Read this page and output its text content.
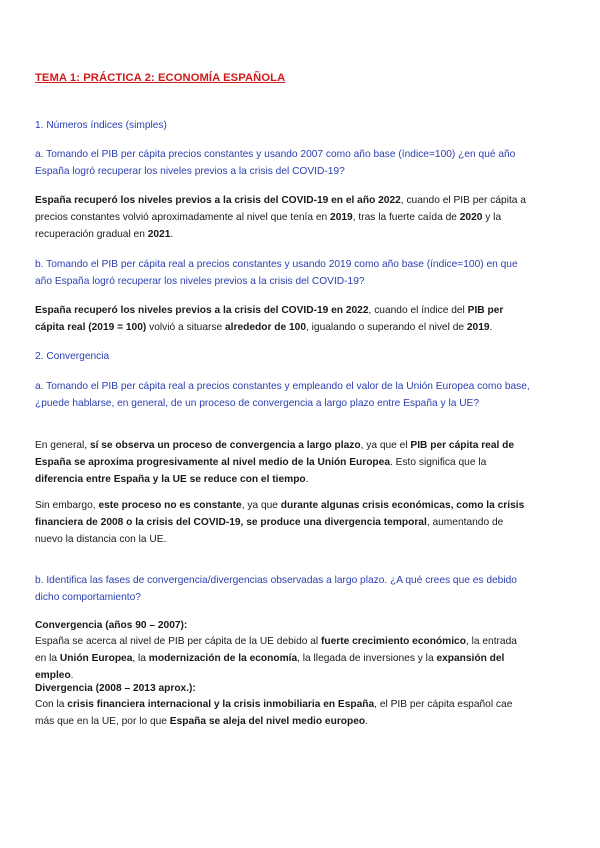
TEMA 1: PRÁCTICA 2: ECONOMÍA ESPAÑOLA

1. Números índices (simples)

a. Tomando el PIB per cápita precios constantes y usando 2007 como año base (índice=100) ¿en qué año España logró recuperar los niveles previos a la crisis del COVID-19?

España recuperó los niveles previos a la crisis del COVID-19 en el año 2022, cuando el PIB per cápita a precios constantes volvió aproximadamente al nivel que tenía en 2019, tras la fuerte caída de 2020 y la recuperación gradual en 2021.

b. Tomando el PIB per cápita real a precios constantes y usando 2019 como año base (índice=100) en que año España logró recuperar los niveles previos a la crisis del COVID-19?

España recuperó los niveles previos a la crisis del COVID-19 en 2022, cuando el índice del PIB per cápita real (2019 = 100) volvió a situarse alrededor de 100, igualando o superando el nivel de 2019.

2. Convergencia

a. Tomando el PIB per cápita real a precios constantes y empleando el valor de la Unión Europea como base, ¿puede hablarse, en general, de un proceso de convergencia a largo plazo entre España y la UE?

En general, sí se observa un proceso de convergencia a largo plazo, ya que el PIB per cápita real de España se aproxima progresivamente al nivel medio de la Unión Europea. Esto significa que la diferencia entre España y la UE se reduce con el tiempo.

Sin embargo, este proceso no es constante, ya que durante algunas crisis económicas, como la crisis financiera de 2008 o la crisis del COVID-19, se produce una divergencia temporal, aumentando de nuevo la distancia con la UE.

b. Identifica las fases de convergencia/divergencias observadas a largo plazo. ¿A qué crees que es debido dicho comportamiento?

Convergencia (años 90 – 2007):

España se acerca al nivel de PIB per cápita de la UE debido al fuerte crecimiento económico, la entrada en la Unión Europea, la modernización de la economía, la llegada de inversiones y la expansión del empleo.

Divergencia (2008 – 2013 aprox.):

Con la crisis financiera internacional y la crisis inmobiliaria en España, el PIB per cápita español cae más que en la UE, por lo que España se aleja del nivel medio europeo.
